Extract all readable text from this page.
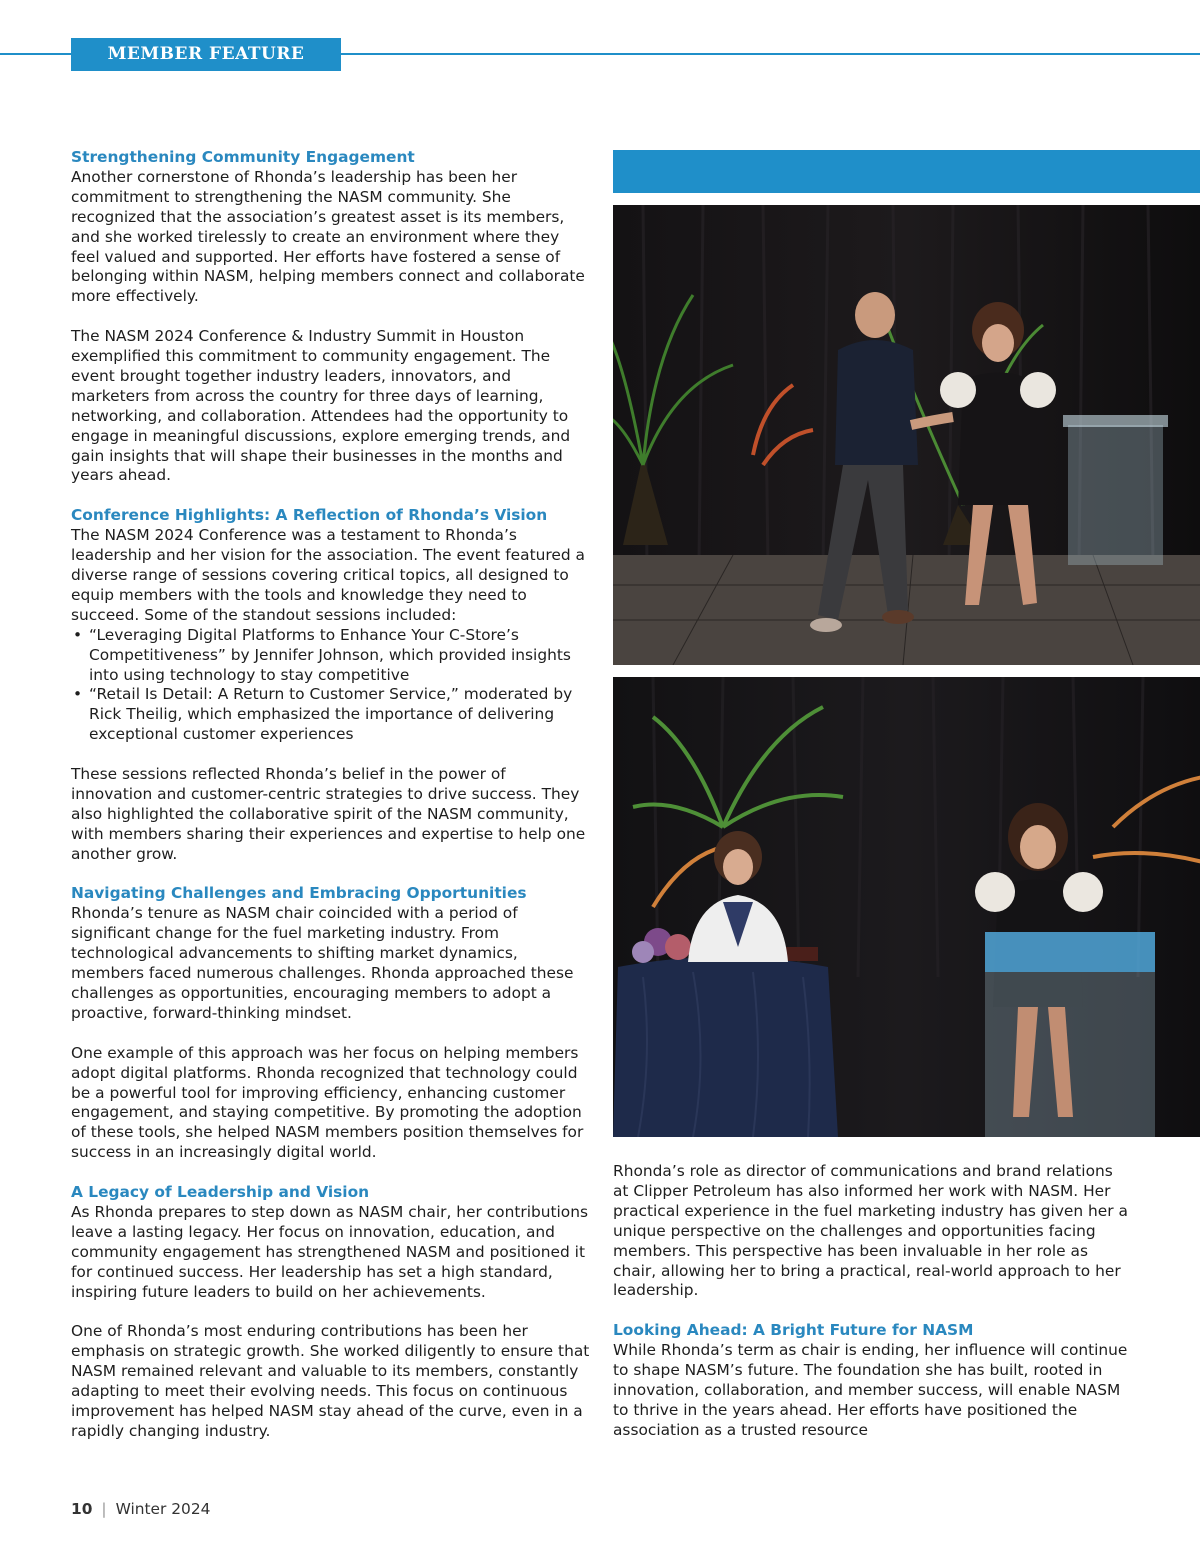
MEMBER FEATURE
Strengthening Community Engagement

Another cornerstone of Rhonda’s leadership has been her commitment to strengthening the NASM community. She recognized that the association’s greatest asset is its members, and she worked tirelessly to create an environment where they feel valued and supported. Her efforts have fostered a sense of belonging within NASM, helping members connect and collaborate more effectively.

The NASM 2024 Conference & Industry Summit in Houston exemplified this commitment to community engagement. The event brought together industry leaders, innovators, and marketers from across the country for three days of learning, networking, and collaboration. Attendees had the opportunity to engage in meaningful discussions, explore emerging trends, and gain insights that will shape their businesses in the months and years ahead.

Conference Highlights: A Reflection of Rhonda’s Vision

The NASM 2024 Conference was a testament to Rhonda’s leadership and her vision for the association. The event featured a diverse range of sessions covering critical topics, all designed to equip members with the tools and knowledge they need to succeed. Some of the standout sessions included:

• “Leveraging Digital Platforms to Enhance Your C-Store’s Competitiveness” by Jennifer Johnson, which provided insights into using technology to stay competitive
• “Retail Is Detail: A Return to Customer Service,” moderated by Rick Theilig, which emphasized the importance of delivering exceptional customer experiences

These sessions reflected Rhonda’s belief in the power of innovation and customer-centric strategies to drive success. They also highlighted the collaborative spirit of the NASM community, with members sharing their experiences and expertise to help one another grow.

Navigating Challenges and Embracing Opportunities

Rhonda’s tenure as NASM chair coincided with a period of significant change for the fuel marketing industry. From technological advancements to shifting market dynamics, members faced numerous challenges. Rhonda approached these challenges as opportunities, encouraging members to adopt a proactive, forward-thinking mindset.

One example of this approach was her focus on helping members adopt digital platforms. Rhonda recognized that technology could be a powerful tool for improving efficiency, enhancing customer engagement, and staying competitive. By promoting the adoption of these tools, she helped NASM members position themselves for success in an increasingly digital world.

A Legacy of Leadership and Vision

As Rhonda prepares to step down as NASM chair, her contributions leave a lasting legacy. Her focus on innovation, education, and community engagement has strengthened NASM and positioned it for continued success. Her leadership has set a high standard, inspiring future leaders to build on her achievements.

One of Rhonda’s most enduring contributions has been her emphasis on strategic growth. She worked diligently to ensure that NASM remained relevant and valuable to its members, constantly adapting to meet their evolving needs. This focus on continuous improvement has helped NASM stay ahead of the curve, even in a rapidly changing industry.

Rhonda’s role as director of communications and brand relations at Clipper Petroleum has also informed her work with NASM. Her practical experience in the fuel marketing industry has given her a unique perspective on the challenges and opportunities facing members. This perspective has been invaluable in her role as chair, allowing her to bring a practical, real-world approach to her leadership.

Looking Ahead: A Bright Future for NASM

While Rhonda’s term as chair is ending, her influence will continue to shape NASM’s future. The foundation she has built, rooted in innovation, collaboration, and member success, will enable NASM to thrive in the years ahead. Her efforts have positioned the association as a trusted resource

10 | Winter 2024
